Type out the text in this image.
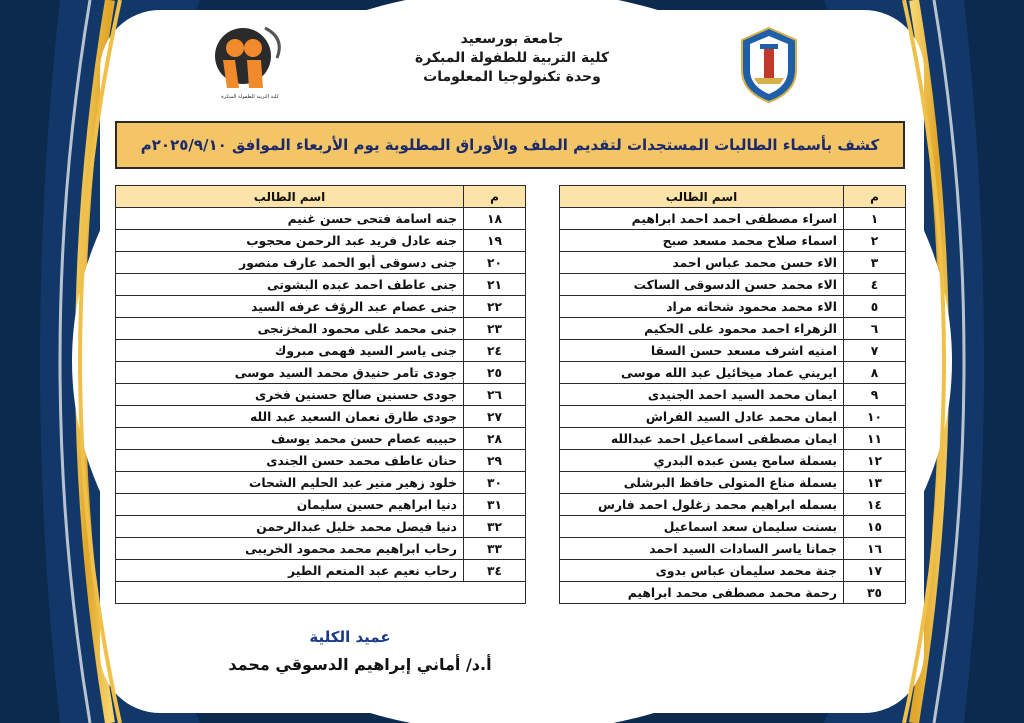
كلية التربية للطفولة المبكرة
جامعة بورسعيد
كلية التربية للطفولة المبكرة
وحدة تكنولوجيا المعلومات
كشف بأسماء الطالبات المستجدات لتقديم الملف والأوراق المطلوبة يوم الأربعاء الموافق ٢٠٢٥/٩/١٠م
م	اسم الطالب		م	اسم الطالب
١	اسراء مصطفى احمد احمد ابراهيم		١٨	جنه اسامة فتحى حسن غنيم
٢	اسماء صلاح محمد مسعد صبح		١٩	جنه عادل فريد عبد الرحمن محجوب
٣	الاء حسن محمد عباس احمد		٢٠	جنى دسوقى أبو الحمد عارف منصور
٤	الاء محمد حسن الدسوقى الساكت		٢١	جنى عاطف احمد عبده البشوتى
٥	الاء محمد محمود شحاته مراد		٢٢	جنى عصام عبد الرؤف عرفه السيد
٦	الزهراء احمد محمود على الحكيم		٢٣	جنى محمد على محمود المخزنجى
٧	امنيه اشرف مسعد حسن السقا		٢٤	جنى ياسر السيد فهمى مبروك
٨	ايريني عماد ميخائيل عبد الله موسى		٢٥	جودى تامر حنيدق محمد السيد موسى
٩	ايمان محمد السيد احمد الجنيدى		٢٦	جودى حسنين صالح حسنين فخرى
١٠	ايمان محمد عادل السيد الفراش		٢٧	جودى طارق نعمان السعيد عبد الله
١١	ايمان مصطفى اسماعيل احمد عبدالله		٢٨	حبيبه عصام حسن محمد يوسف
١٢	بسملة سامح يسن عبده البدري		٢٩	حنان عاطف محمد حسن الجندى
١٣	بسملة مناع المتولى حافظ البرشلى		٣٠	خلود زهير منير عبد الحليم الشحات
١٤	بسمله ابراهيم محمد زغلول احمد فارس		٣١	دنيا ابراهيم حسين سليمان
١٥	بسنت سليمان سعد اسماعيل		٣٢	دنيا فيصل محمد خليل عبدالرحمن
١٦	جمانا ياسر السادات السيد احمد		٣٣	رحاب ابراهيم محمد محمود الخريبى
١٧	جنة محمد سليمان عباس بدوى		٣٤	رحاب نعيم عبد المنعم الطير
٣٥	رحمة محمد مصطفى محمد ابراهيم			
عميد الكلية
أ.د/ أماني إبراهيم الدسوقي محمد
